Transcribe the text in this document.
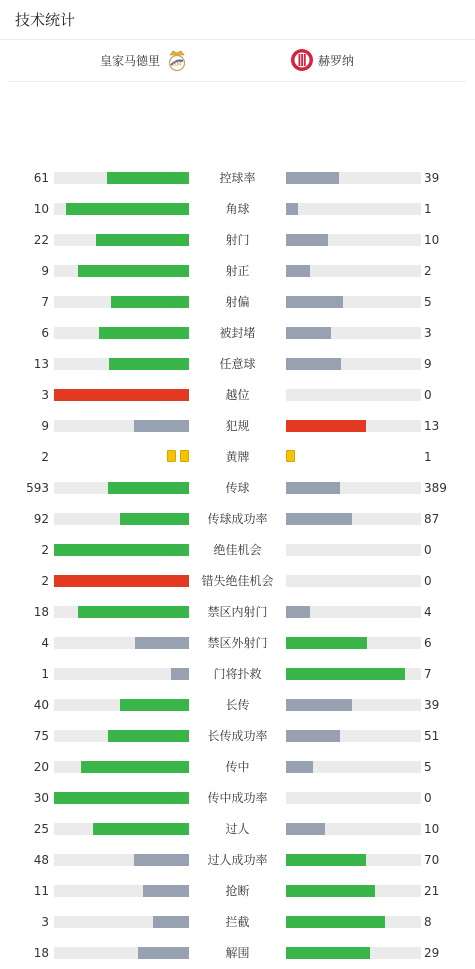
技术统计
皇家马德里 RM	赫罗纳
61	控球率	39
10	角球	1
22	射门	10
9	射正	2
7	射偏	5
6	被封堵	3
13	任意球	9
3	越位	0
9	犯规	13
2	黄牌	1
593	传球	389
92	传球成功率	87
2	绝佳机会	0
2	错失绝佳机会	0
18	禁区内射门	4
4	禁区外射门	6
1	门将扑救	7
40	长传	39
75	长传成功率	51
20	传中	5
30	传中成功率	0
25	过人	10
48	过人成功率	70
11	抢断	21
3	拦截	8
18	解围	29
